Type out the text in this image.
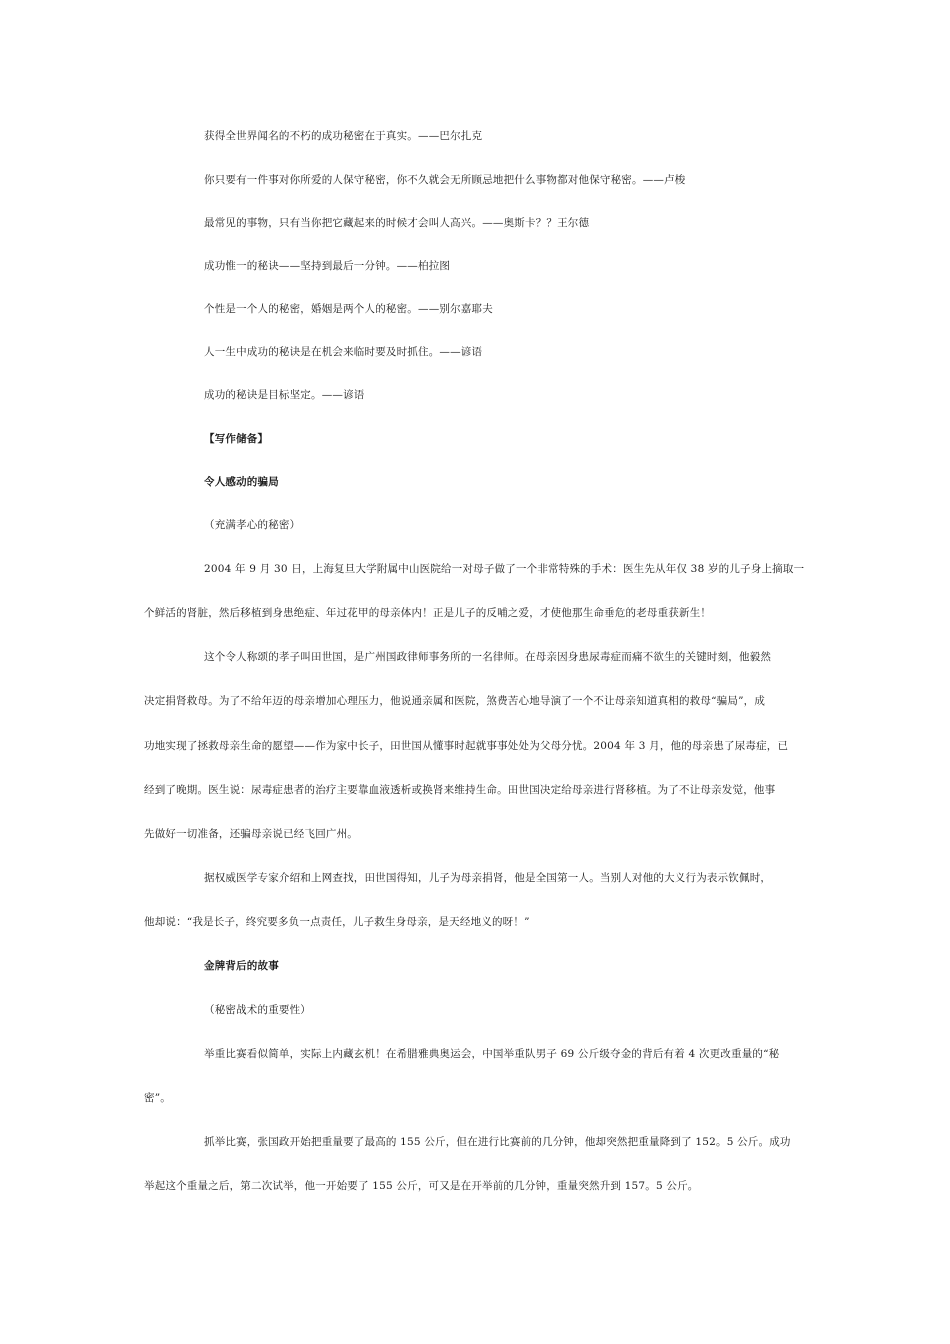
获得全世界闻名的不朽的成功秘密在于真实。——巴尔扎克
你只要有一件事对你所爱的人保守秘密，你不久就会无所顾忌地把什么事物都对他保守秘密。——卢梭
最常见的事物，只有当你把它藏起来的时候才会叫人高兴。——奥斯卡？？王尔德
成功惟一的秘诀——坚持到最后一分钟。——柏拉图
个性是一个人的秘密，婚姻是两个人的秘密。——别尔嘉耶夫
人一生中成功的秘诀是在机会来临时要及时抓住。——谚语
成功的秘诀是目标坚定。——谚语
【写作储备】
令人感动的骗局
（充满孝心的秘密）
2004 年 9 月 30 日，上海复旦大学附属中山医院给一对母子做了一个非常特殊的手术：医生先从年仅 38 岁的儿子身上摘取一
个鲜活的肾脏，然后移植到身患绝症、年过花甲的母亲体内！正是儿子的反哺之爱，才使他那生命垂危的老母重获新生！
这个令人称颂的孝子叫田世国，是广州国政律师事务所的一名律师。在母亲因身患尿毒症而痛不欲生的关键时刻，他毅然
决定捐肾救母。为了不给年迈的母亲增加心理压力，他说通亲属和医院，煞费苦心地导演了一个不让母亲知道真相的救母“骗局”，成
功地实现了拯救母亲生命的愿望——作为家中长子，田世国从懂事时起就事事处处为父母分忧。2004 年 3 月，他的母亲患了尿毒症，已
经到了晚期。医生说：尿毒症患者的治疗主要靠血液透析或换肾来维持生命。田世国决定给母亲进行肾移植。为了不让母亲发觉，他事
先做好一切准备，还骗母亲说已经飞回广州。
据权威医学专家介绍和上网查找，田世国得知，儿子为母亲捐肾，他是全国第一人。当别人对他的大义行为表示钦佩时，
他却说：“我是长子，终究要多负一点责任，儿子救生身母亲，是天经地义的呀！”
金牌背后的故事
（秘密战术的重要性）
举重比赛看似简单，实际上内藏玄机！在希腊雅典奥运会，中国举重队男子 69 公斤级夺金的背后有着 4 次更改重量的“秘
密”。
抓举比赛，张国政开始把重量要了最高的 155 公斤，但在进行比赛前的几分钟，他却突然把重量降到了 152。5 公斤。成功
举起这个重量之后，第二次试举，他一开始要了 155 公斤，可又是在开举前的几分钟，重量突然升到 157。5 公斤。
